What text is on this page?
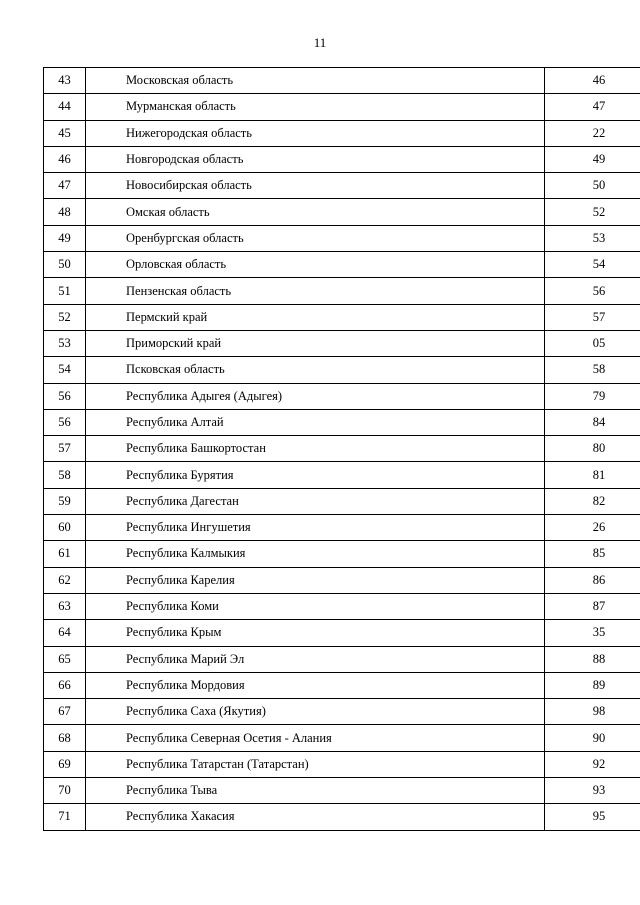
11
43	Московская область	46
44	Мурманская область	47
45	Нижегородская область	22
46	Новгородская область	49
47	Новосибирская область	50
48	Омская область	52
49	Оренбургская область	53
50	Орловская область	54
51	Пензенская область	56
52	Пермский край	57
53	Приморский край	05
54	Псковская область	58
56	Республика Адыгея (Адыгея)	79
56	Республика Алтай	84
57	Республика Башкортостан	80
58	Республика Бурятия	81
59	Республика Дагестан	82
60	Республика Ингушетия	26
61	Республика Калмыкия	85
62	Республика Карелия	86
63	Республика Коми	87
64	Республика Крым	35
65	Республика Марий Эл	88
66	Республика Мордовия	89
67	Республика Саха (Якутия)	98
68	Республика Северная Осетия - Алания	90
69	Республика Татарстан (Татарстан)	92
70	Республика Тыва	93
71	Республика Хакасия	95
